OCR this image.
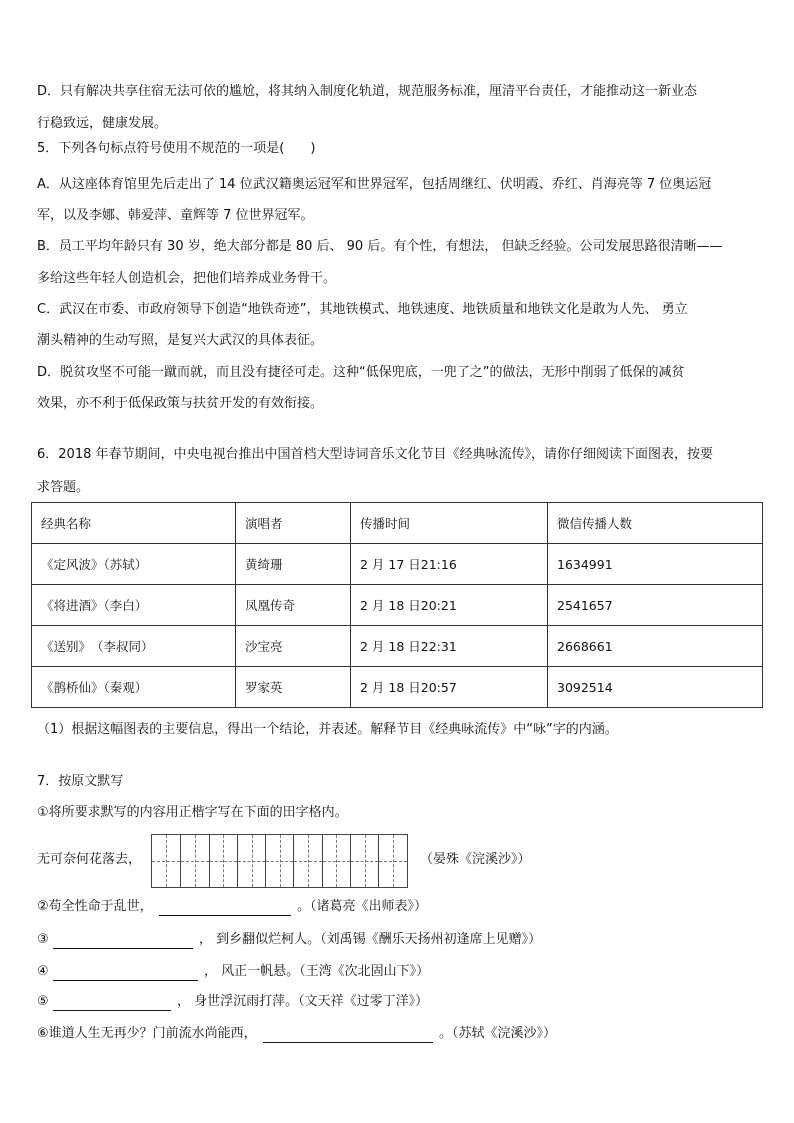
D．只有解决共享住宿无法可依的尴尬，将其纳入制度化轨道，规范服务标准，厘清平台责任，才能推动这一新业态
行稳致远，健康发展。
5．下列各句标点符号使用不规范的一项是(　　)
A．从这座体育馆里先后走出了 14 位武汉籍奥运冠军和世界冠军，包括周继红、伏明霞、乔红、肖海亮等 7 位奥运冠
军，以及李娜、韩爱萍、童辉等 7 位世界冠军。
B．员工平均年龄只有 30 岁，绝大部分都是 80 后、 90 后。有个性，有想法， 但缺乏经验。公司发展思路很清晰——
多给这些年轻人创造机会，把他们培养成业务骨干。
C．武汉在市委、市政府领导下创造“地铁奇迹”，其地铁模式、地铁速度、地铁质量和地铁文化是敢为人先、 勇立
潮头精神的生动写照，是复兴大武汉的具体表征。
D．脱贫攻坚不可能一蹴而就，而且没有捷径可走。这种“低保兜底，一兜了之”的做法，无形中削弱了低保的减贫
效果，亦不利于低保政策与扶贫开发的有效衔接。
6．2018 年春节期间，中央电视台推出中国首档大型诗词音乐文化节目《经典咏流传》，请你仔细阅读下面图表，按要
求答题。
经典名称	演唱者	传播时间	微信传播人数
《定风波》（苏轼）	黄绮珊	2 月 17 日21:16	1634991
《将进酒》（李白）	凤凰传奇	2 月 18 日20:21	2541657
《送别》　（李叔同）	沙宝亮	2 月 18 日22:31	2668661
《鹊桥仙》（秦观）	罗家英	2 月 18 日20:57	3092514
（1）根据这幅图表的主要信息，得出一个结论，并表述。解释节目《经典咏流传》中“咏”字的内涵。
7．按原文默写
①将所要求默写的内容用正楷字写在下面的田字格内。
无可奈何花落去，	（晏殊《浣溪沙》）
②苟全性命于乱世，	。（诸葛亮《出师表》）
③	， 到乡翻似烂柯人。（刘禹锡《酬乐天扬州初逢席上见赠》）
④	， 风正一帆悬。（王湾《次北固山下》）
⑤	， 身世浮沉雨打萍。（文天祥《过零丁洋》）
⑥谁道人生无再少？门前流水尚能西，	。（苏轼《浣溪沙》）
